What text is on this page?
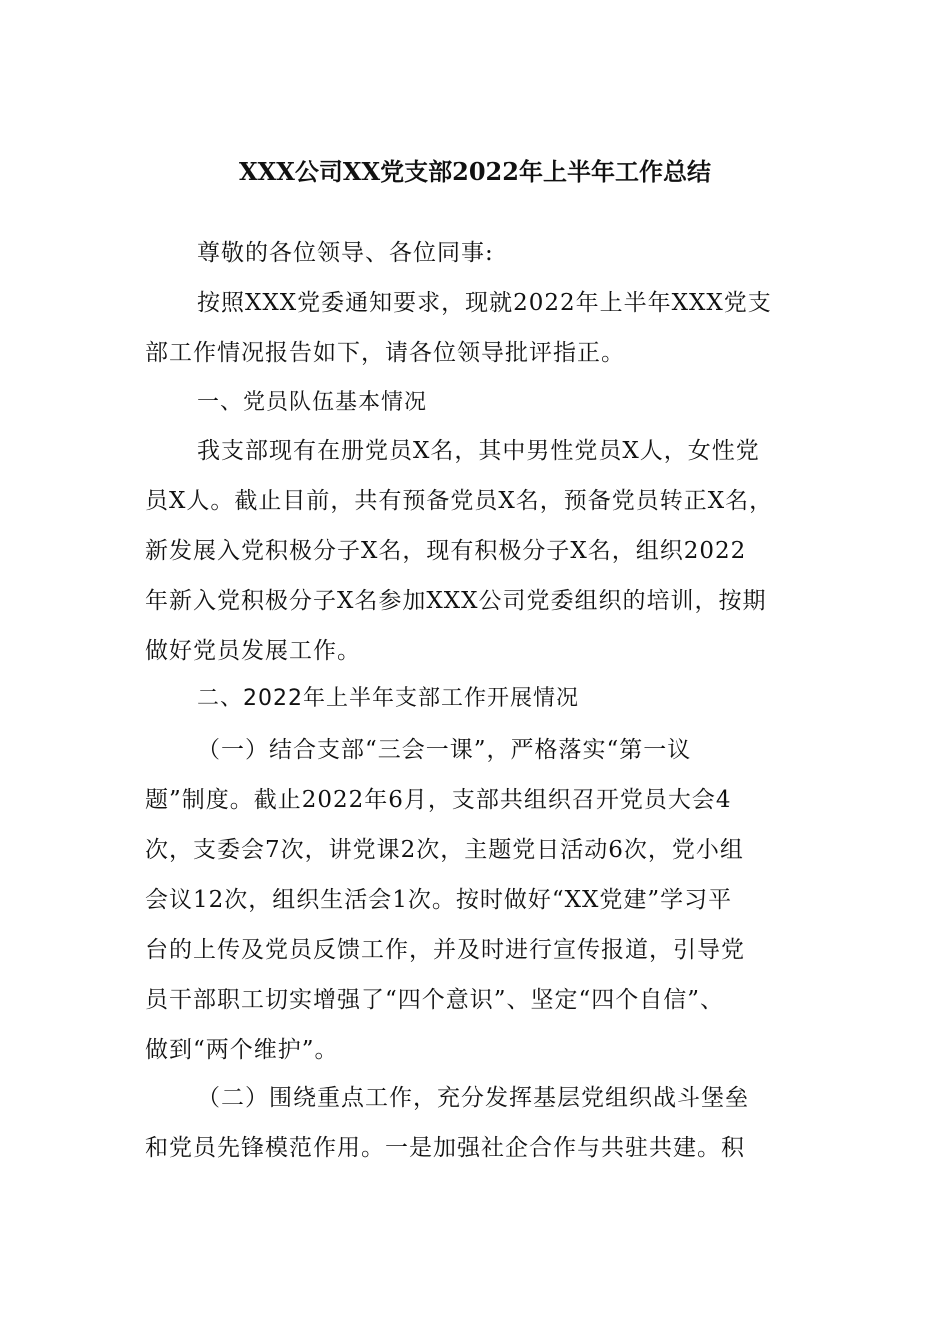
XXX公司XX党支部2022年上半年工作总结
尊敬的各位领导、各位同事:
按照XXX党委通知要求，现就2022年上半年XXX党支
部工作情况报告如下，请各位领导批评指正。
一、党员队伍基本情况
我支部现有在册党员X名，其中男性党员X人，女性党
员X人。截止目前，共有预备党员X名，预备党员转正X名，
新发展入党积极分子X名，现有积极分子X名，组织2022
年新入党积极分子X名参加XXX公司党委组织的培训，按期
做好党员发展工作。
二、2022年上半年支部工作开展情况
（一）结合支部“三会一课”，严格落实“第一议
题”制度。截止2022年6月，支部共组织召开党员大会4
次，支委会7次，讲党课2次，主题党日活动6次，党小组
会议12次，组织生活会1次。按时做好“XX党建”学习平
台的上传及党员反馈工作，并及时进行宣传报道，引导党
员干部职工切实增强了“四个意识”、坚定“四个自信”、
做到“两个维护”。
（二）围绕重点工作，充分发挥基层党组织战斗堡垒
和党员先锋模范作用。一是加强社企合作与共驻共建。积
